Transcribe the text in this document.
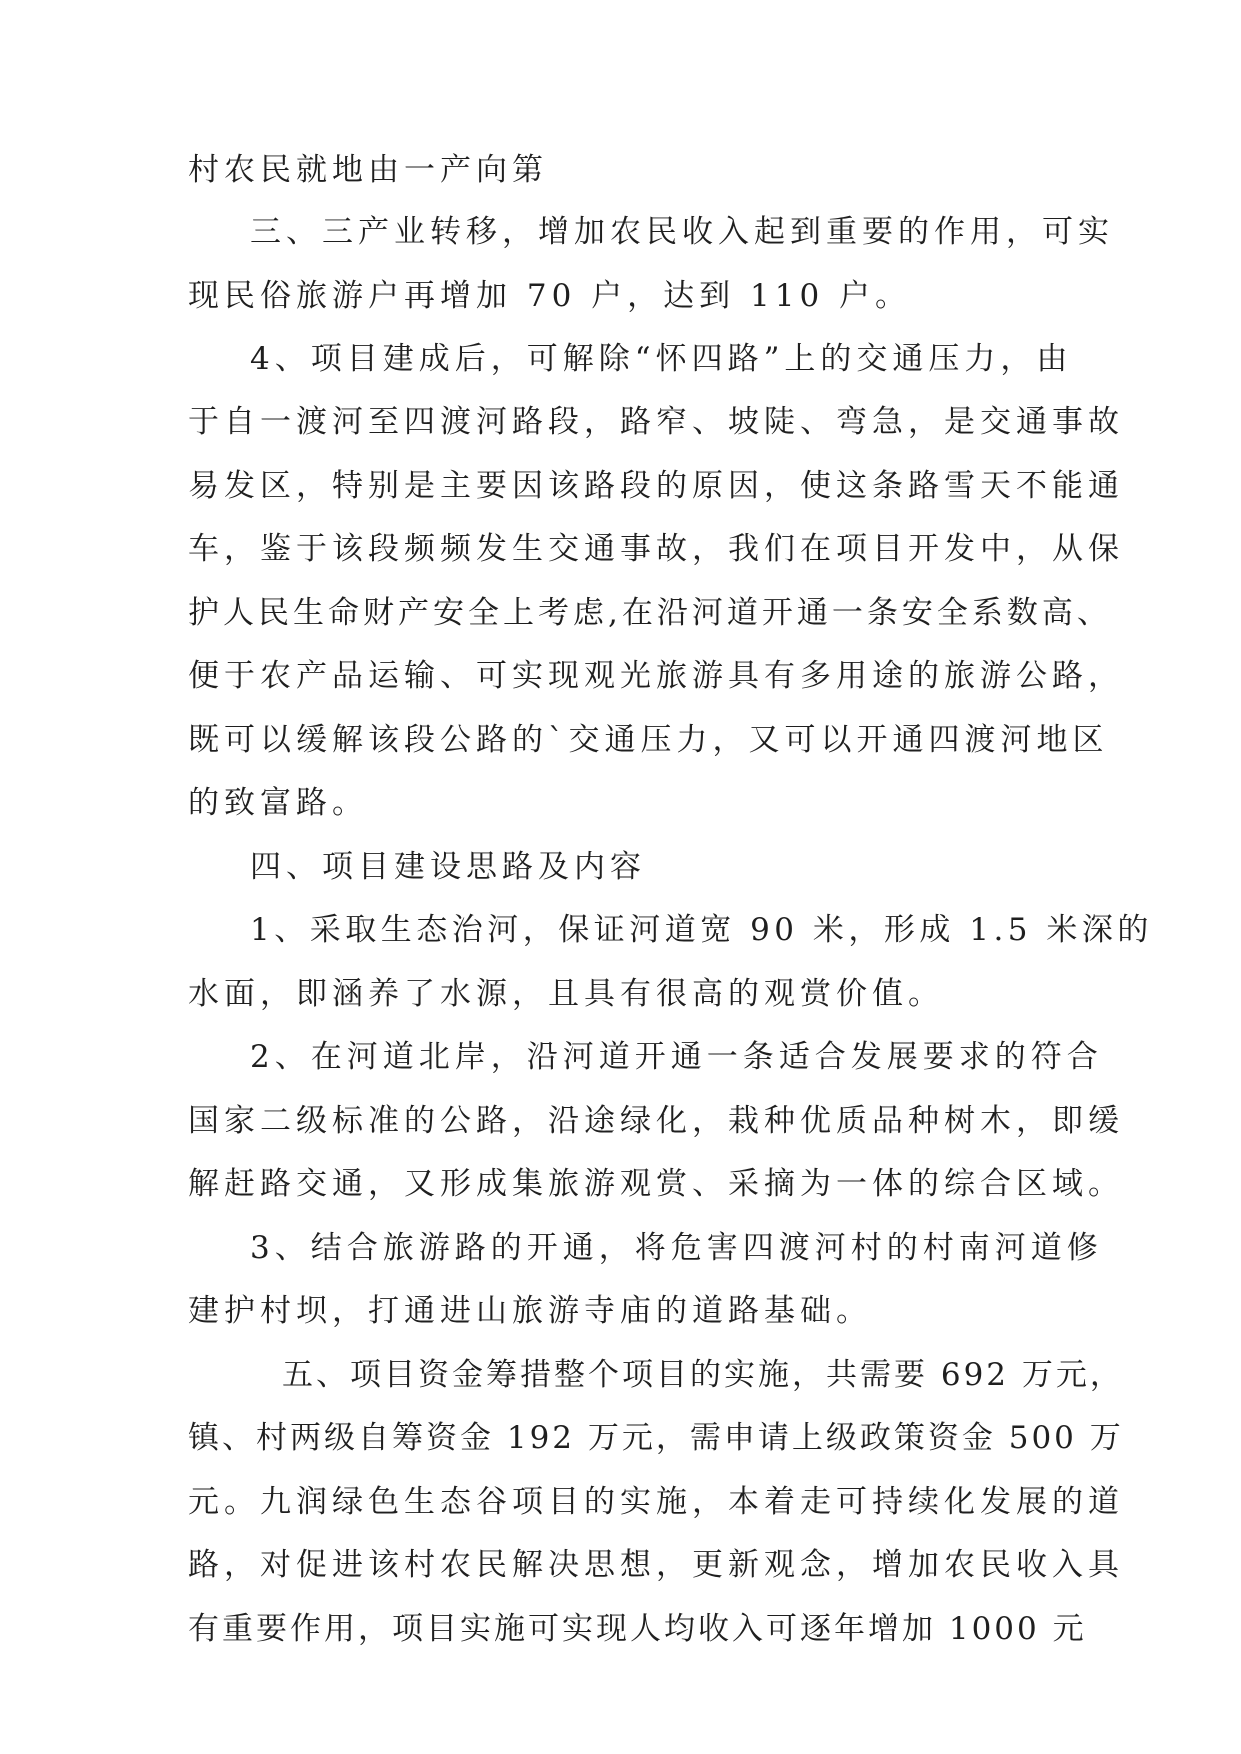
村农民就地由一产向第

三、三产业转移，增加农民收入起到重要的作用，可实

现民俗旅游户再增加 70 户，达到 110 户。

4、项目建成后，可解除“怀四路”上的交通压力，由

于自一渡河至四渡河路段，路窄、坡陡、弯急，是交通事故

易发区，特别是主要因该路段的原因，使这条路雪天不能通

车，鉴于该段频频发生交通事故，我们在项目开发中，从保

护人民生命财产安全上考虑,在沿河道开通一条安全系数高、

便于农产品运输、可实现观光旅游具有多用途的旅游公路，

既可以缓解该段公路的`交通压力，又可以开通四渡河地区

的致富路。

四、项目建设思路及内容

1、采取生态治河，保证河道宽 90 米，形成 1.5 米深的

水面，即涵养了水源，且具有很高的观赏价值。

2、在河道北岸，沿河道开通一条适合发展要求的符合

国家二级标准的公路，沿途绿化，栽种优质品种树木，即缓

解赶路交通，又形成集旅游观赏、采摘为一体的综合区域。

3、结合旅游路的开通，将危害四渡河村的村南河道修

建护村坝，打通进山旅游寺庙的道路基础。

五、项目资金筹措整个项目的实施，共需要 692 万元，

镇、村两级自筹资金 192 万元，需申请上级政策资金 500 万

元。九润绿色生态谷项目的实施，本着走可持续化发展的道

路，对促进该村农民解决思想，更新观念，增加农民收入具

有重要作用，项目实施可实现人均收入可逐年增加 1000 元
